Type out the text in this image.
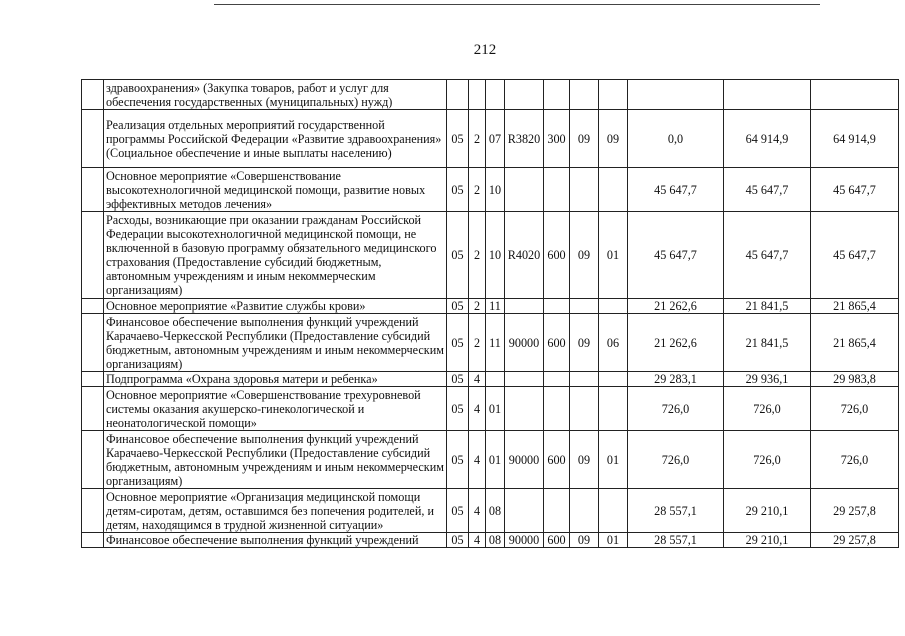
212
	здравоохранения» (Закупка товаров, работ и услуг для обеспечения государственных (муниципальных) нужд)										
	Реализация отдельных мероприятий государственной программы Российской Федерации «Развитие здравоохранения» (Социальное обеспечение и иные выплаты населению)	05	2	07	R3820	300	09	09	0,0	64 914,9	64 914,9
	Основное мероприятие «Совершенствование высокотехнологичной медицинской помощи, развитие новых эффективных методов лечения»	05	2	10					45 647,7	45 647,7	45 647,7
	Расходы, возникающие при оказании гражданам Российской Федерации высокотехнологичной медицинской помощи, не включенной в базовую программу обязательного медицинского страхования (Предоставление субсидий бюджетным, автономным учреждениям и иным некоммерческим организациям)	05	2	10	R4020	600	09	01	45 647,7	45 647,7	45 647,7
	Основное мероприятие «Развитие службы крови»	05	2	11					21 262,6	21 841,5	21 865,4
	Финансовое обеспечение выполнения функций учреждений Карачаево-Черкесской Республики (Предоставление субсидий бюджетным, автономным учреждениям и иным некоммерческим организациям)	05	2	11	90000	600	09	06	21 262,6	21 841,5	21 865,4
	Подпрограмма «Охрана здоровья матери и ребенка»	05	4						29 283,1	29 936,1	29 983,8
	Основное мероприятие «Совершенствование трехуровневой системы оказания акушерско-гинекологической и неонатологической помощи»	05	4	01					726,0	726,0	726,0
	Финансовое обеспечение выполнения функций учреждений Карачаево-Черкесской Республики (Предоставление субсидий бюджетным, автономным учреждениям и иным некоммерческим организациям)	05	4	01	90000	600	09	01	726,0	726,0	726,0
	Основное мероприятие «Организация медицинской помощи детям-сиротам, детям, оставшимся без попечения родителей, и детям, находящимся в трудной жизненной ситуации»	05	4	08					28 557,1	29 210,1	29 257,8
	Финансовое обеспечение выполнения функций учреждений	05	4	08	90000	600	09	01	28 557,1	29 210,1	29 257,8
